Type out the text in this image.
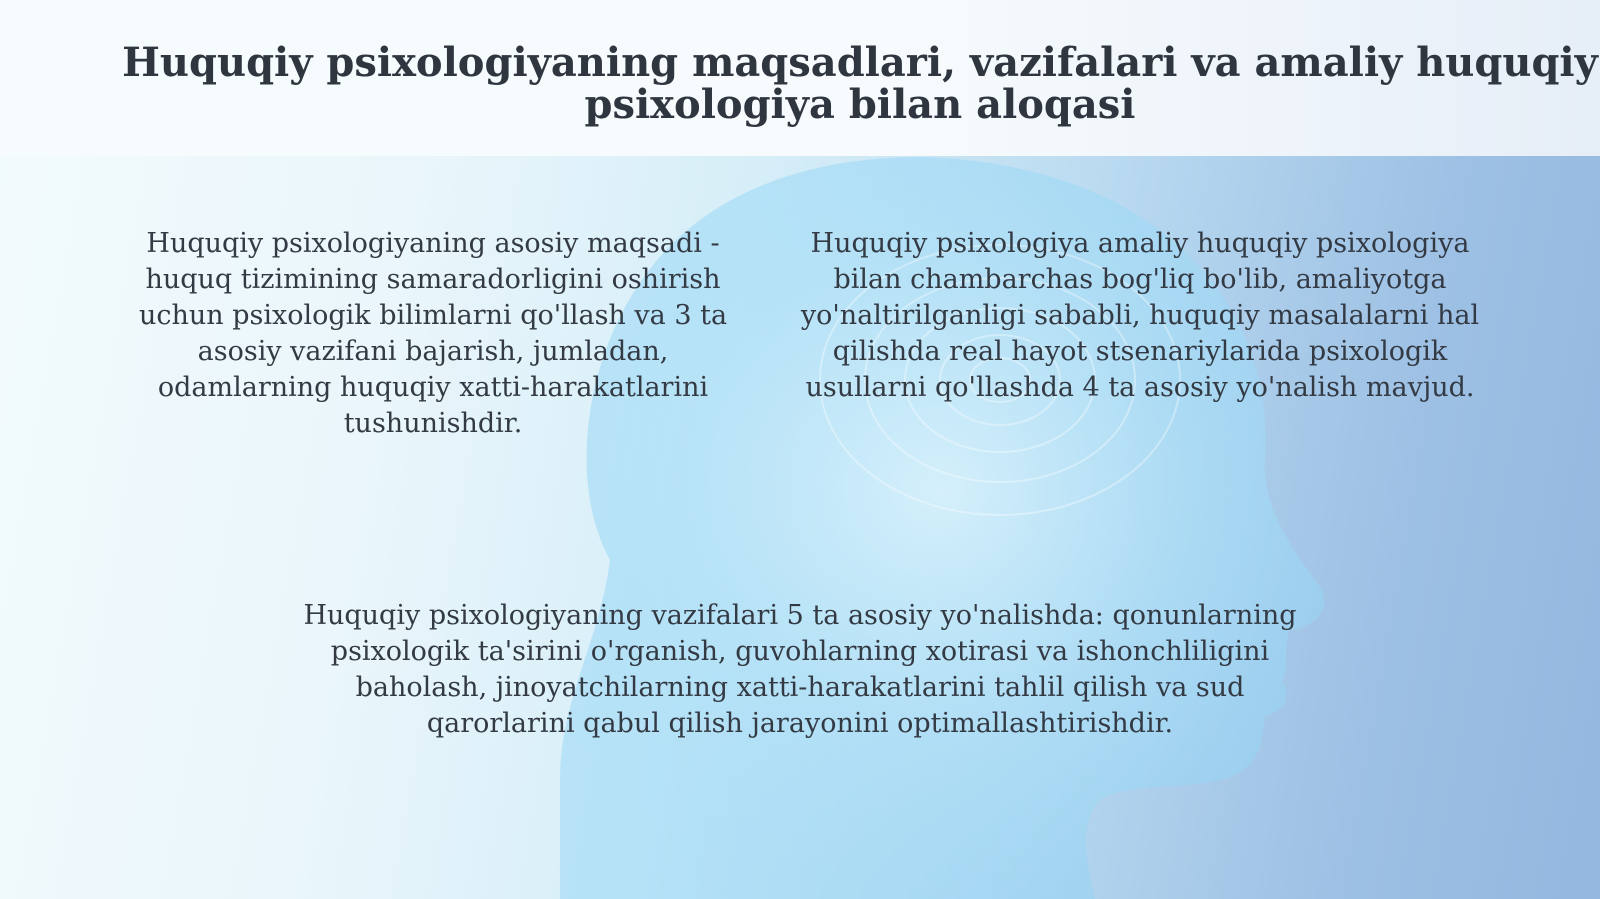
Huquqiy psixologiyaning maqsadlari, vazifalari va amaliy huquqiy psixologiya bilan aloqasi

Huquqiy psixologiyaning asosiy maqsadi - huquq tizimining samaradorligini oshirish uchun psixologik bilimlarni qo'llash va 3 ta asosiy vazifani bajarish, jumladan, odamlarning huquqiy xatti-harakatlarini tushunishdir.

Huquqiy psixologiya amaliy huquqiy psixologiya bilan chambarchas bog'liq bo'lib, amaliyotga yo'naltirilganligi sababli, huquqiy masalalarni hal qilishda real hayot stsenariylarida psixologik usullarni qo'llashda 4 ta asosiy yo'nalish mavjud.

Huquqiy psixologiyaning vazifalari 5 ta asosiy yo'nalishda: qonunlarning psixologik ta'sirini o'rganish, guvohlarning xotirasi va ishonchliligini baholash, jinoyatchilarning xatti-harakatlarini tahlil qilish va sud qarorlarini qabul qilish jarayonini optimallashtirishdir.
